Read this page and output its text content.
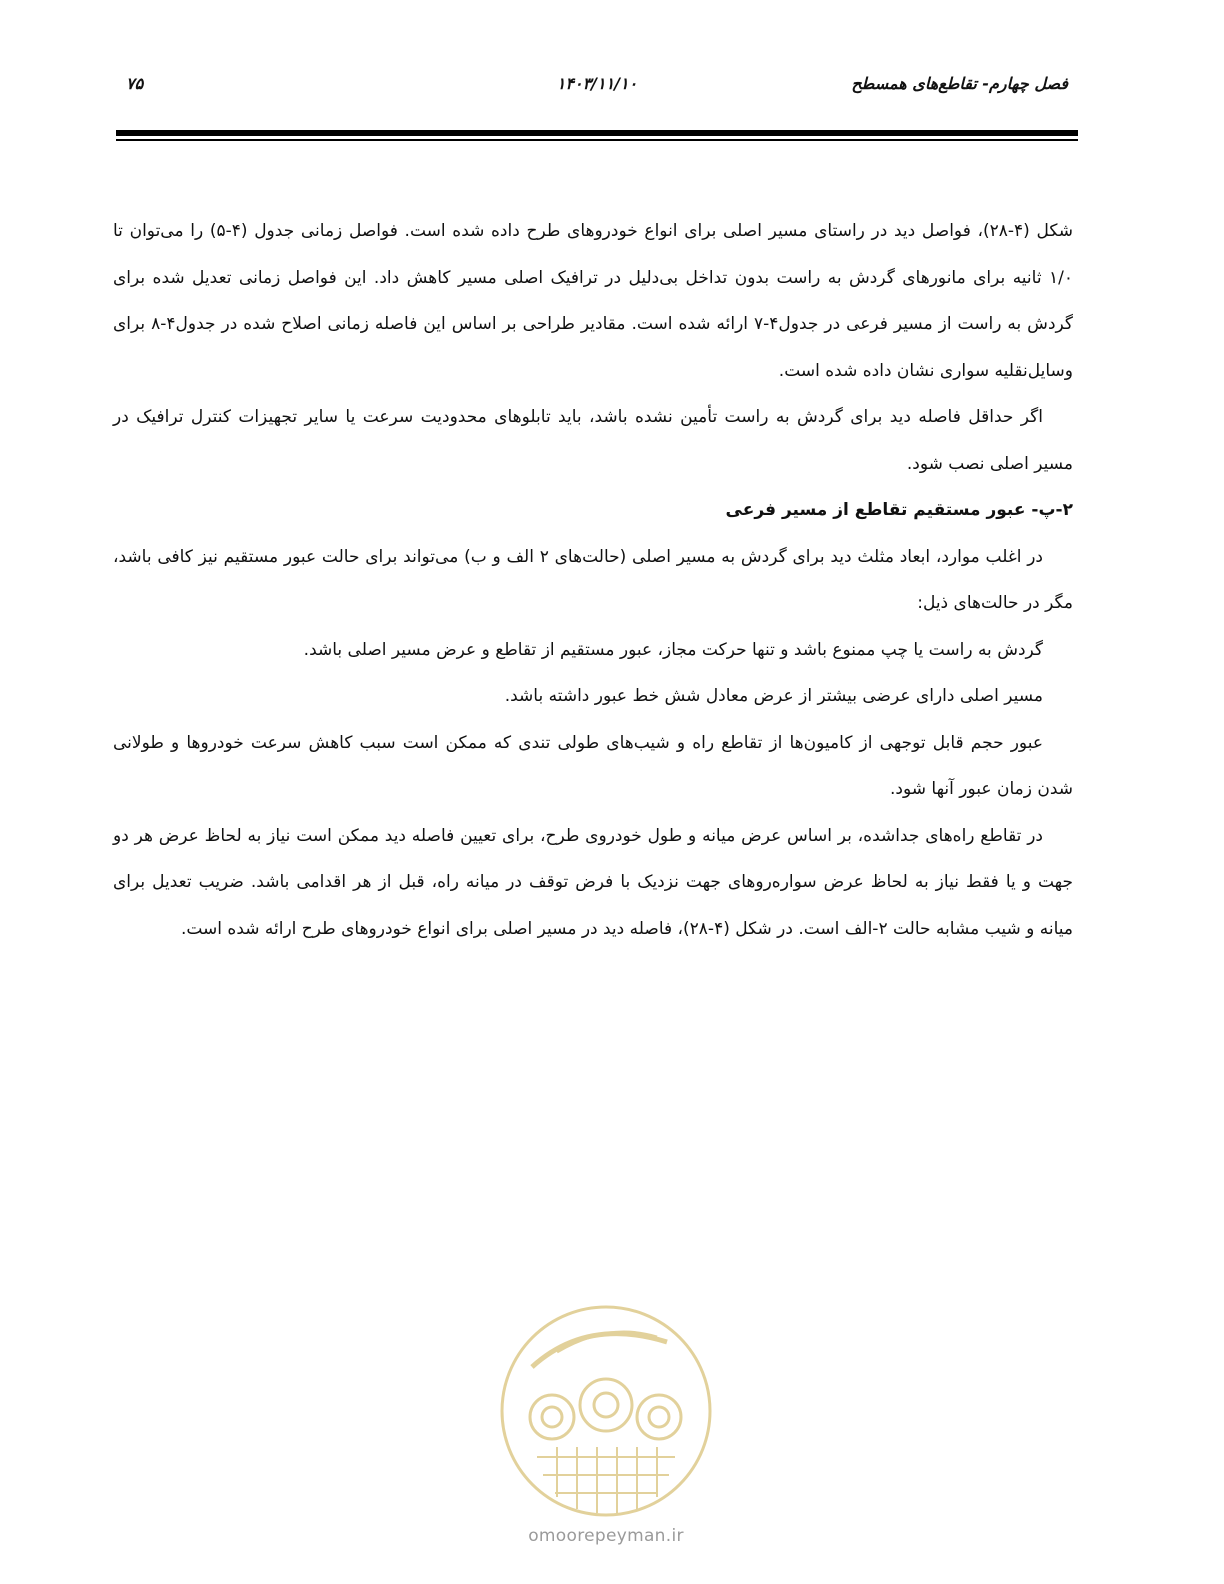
۷۵	۱۴۰۳/۱۱/۱۰	فصل چهارم- تقاطع‌های همسطح

شکل (۴-۲۸)، فواصل دید در راستای مسیر اصلی برای انواع خودروهای طرح داده شده است. فواصل زمانی جدول (۴-۵) را می‌توان تا ۱/۰ ثانیه برای مانورهای گردش به راست بدون تداخل بی‌دلیل در ترافیک اصلی مسیر کاهش داد. این فواصل زمانی تعدیل شده برای گردش به راست از مسیر فرعی در جدول۴-۷ ارائه شده است. مقادیر طراحی بر اساس این فاصله زمانی اصلاح شده در جدول۴-۸ برای وسایل‌نقلیه سواری نشان داده شده است.

اگر حداقل فاصله دید برای گردش به راست تأمین نشده باشد، باید تابلوهای محدودیت سرعت یا سایر تجهیزات کنترل ترافیک در مسیر اصلی نصب شود.

۲-پ- عبور مستقیم تقاطع از مسیر فرعی

در اغلب موارد، ابعاد مثلث دید برای گردش به مسیر اصلی (حالت‌های ۲ الف و ب) می‌تواند برای حالت عبور مستقیم نیز کافی باشد، مگر در حالت‌های ذیل:

گردش به راست یا چپ ممنوع باشد و تنها حرکت مجاز، عبور مستقیم از تقاطع و عرض مسیر اصلی باشد.

مسیر اصلی دارای عرضی بیشتر از عرض معادل شش خط عبور داشته باشد.

عبور حجم قابل توجهی از کامیون‌ها از تقاطع راه و شیب‌های طولی تندی که ممکن است سبب کاهش سرعت خودروها و طولانی شدن زمان عبور آنها شود.

در تقاطع راه‌های جداشده، بر اساس عرض میانه و طول خودروی طرح، برای تعیین فاصله دید ممکن است نیاز به لحاظ عرض هر دو جهت و یا فقط نیاز به لحاظ عرض سواره‌روهای جهت نزدیک با فرض توقف در میانه راه، قبل از هر اقدامی باشد. ضریب تعدیل برای میانه و شیب مشابه حالت ۲-الف است. در شکل (۴-۲۸)، فاصله دید در مسیر اصلی برای انواع خودروهای طرح ارائه شده است.

omoorepeyman.ir
